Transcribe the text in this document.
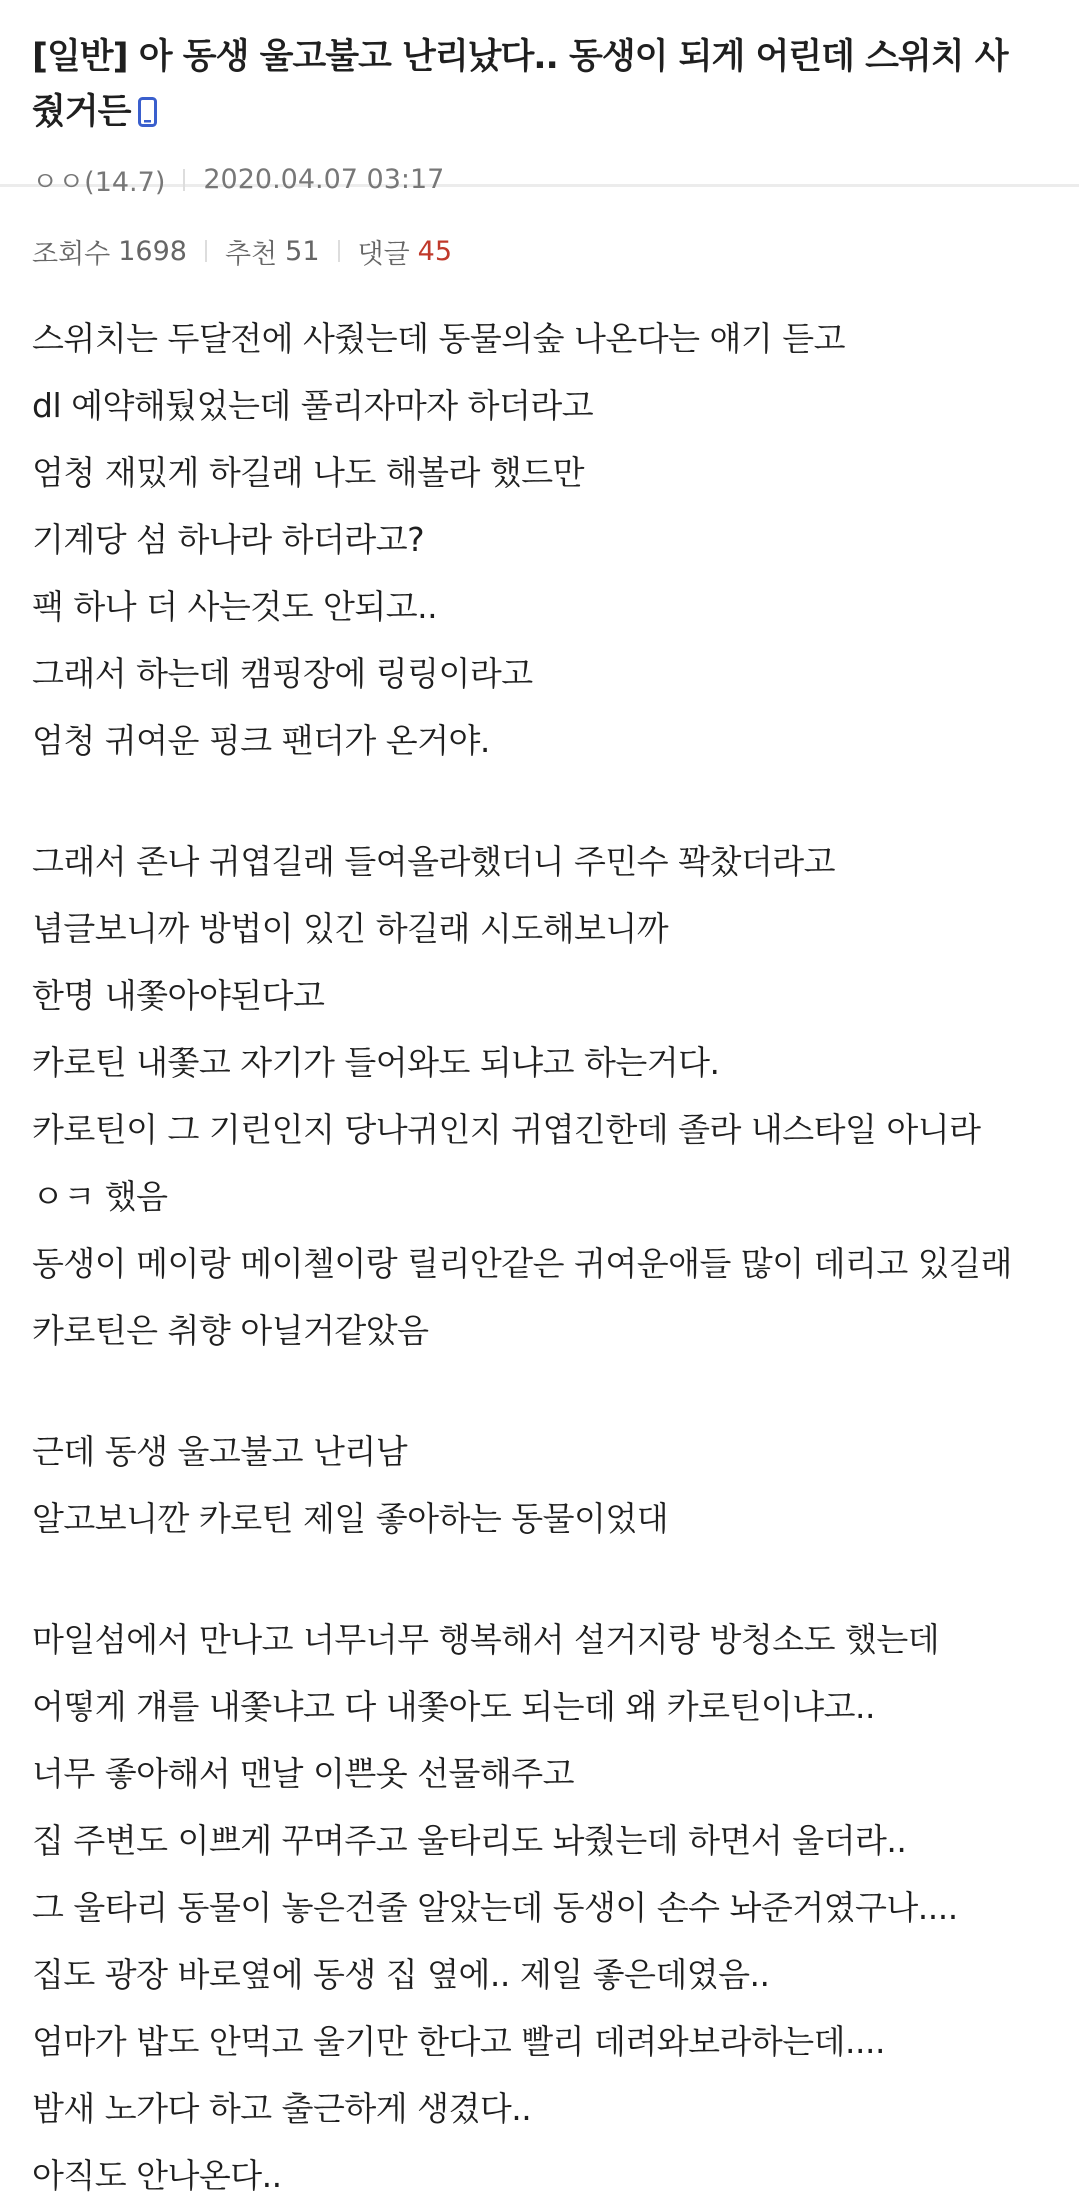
[일반] 아 동생 울고불고 난리났다.. 동생이 되게 어린데 스위치 사 줬거든
ㅇㅇ(14.7) 2020.04.07 03:17
조회수 1698 추천 51 댓글 45
스위치는 두달전에 사줬는데 동물의숲 나온다는 얘기 듣고
dl 예약해뒀었는데 풀리자마자 하더라고
엄청 재밌게 하길래 나도 해볼라 했드만
기계당 섬 하나라 하더라고?
팩 하나 더 사는것도 안되고..
그래서 하는데 캠핑장에 링링이라고
엄청 귀여운 핑크 팬더가 온거야.
그래서 존나 귀엽길래 들여올라했더니 주민수 꽉찼더라고
념글보니까 방법이 있긴 하길래 시도해보니까
한명 내쫓아야된다고
카로틴 내쫓고 자기가 들어와도 되냐고 하는거다.
카로틴이 그 기린인지 당나귀인지 귀엽긴한데 졸라 내스타일 아니라
ㅇㅋ 했음
동생이 메이랑 메이첼이랑 릴리안같은 귀여운애들 많이 데리고 있길래
카로틴은 취향 아닐거같았음
근데 동생 울고불고 난리남
알고보니깐 카로틴 제일 좋아하는 동물이었대
마일섬에서 만나고 너무너무 행복해서 설거지랑 방청소도 했는데
어떻게 걔를 내쫓냐고 다 내쫓아도 되는데 왜 카로틴이냐고..
너무 좋아해서 맨날 이쁜옷 선물해주고
집 주변도 이쁘게 꾸며주고 울타리도 놔줬는데 하면서 울더라..
그 울타리 동물이 놓은건줄 알았는데 동생이 손수 놔준거였구나....
집도 광장 바로옆에 동생 집 옆에.. 제일 좋은데였음..
엄마가 밥도 안먹고 울기만 한다고 빨리 데려와보라하는데....
밤새 노가다 하고 출근하게 생겼다..
아직도 안나온다..
